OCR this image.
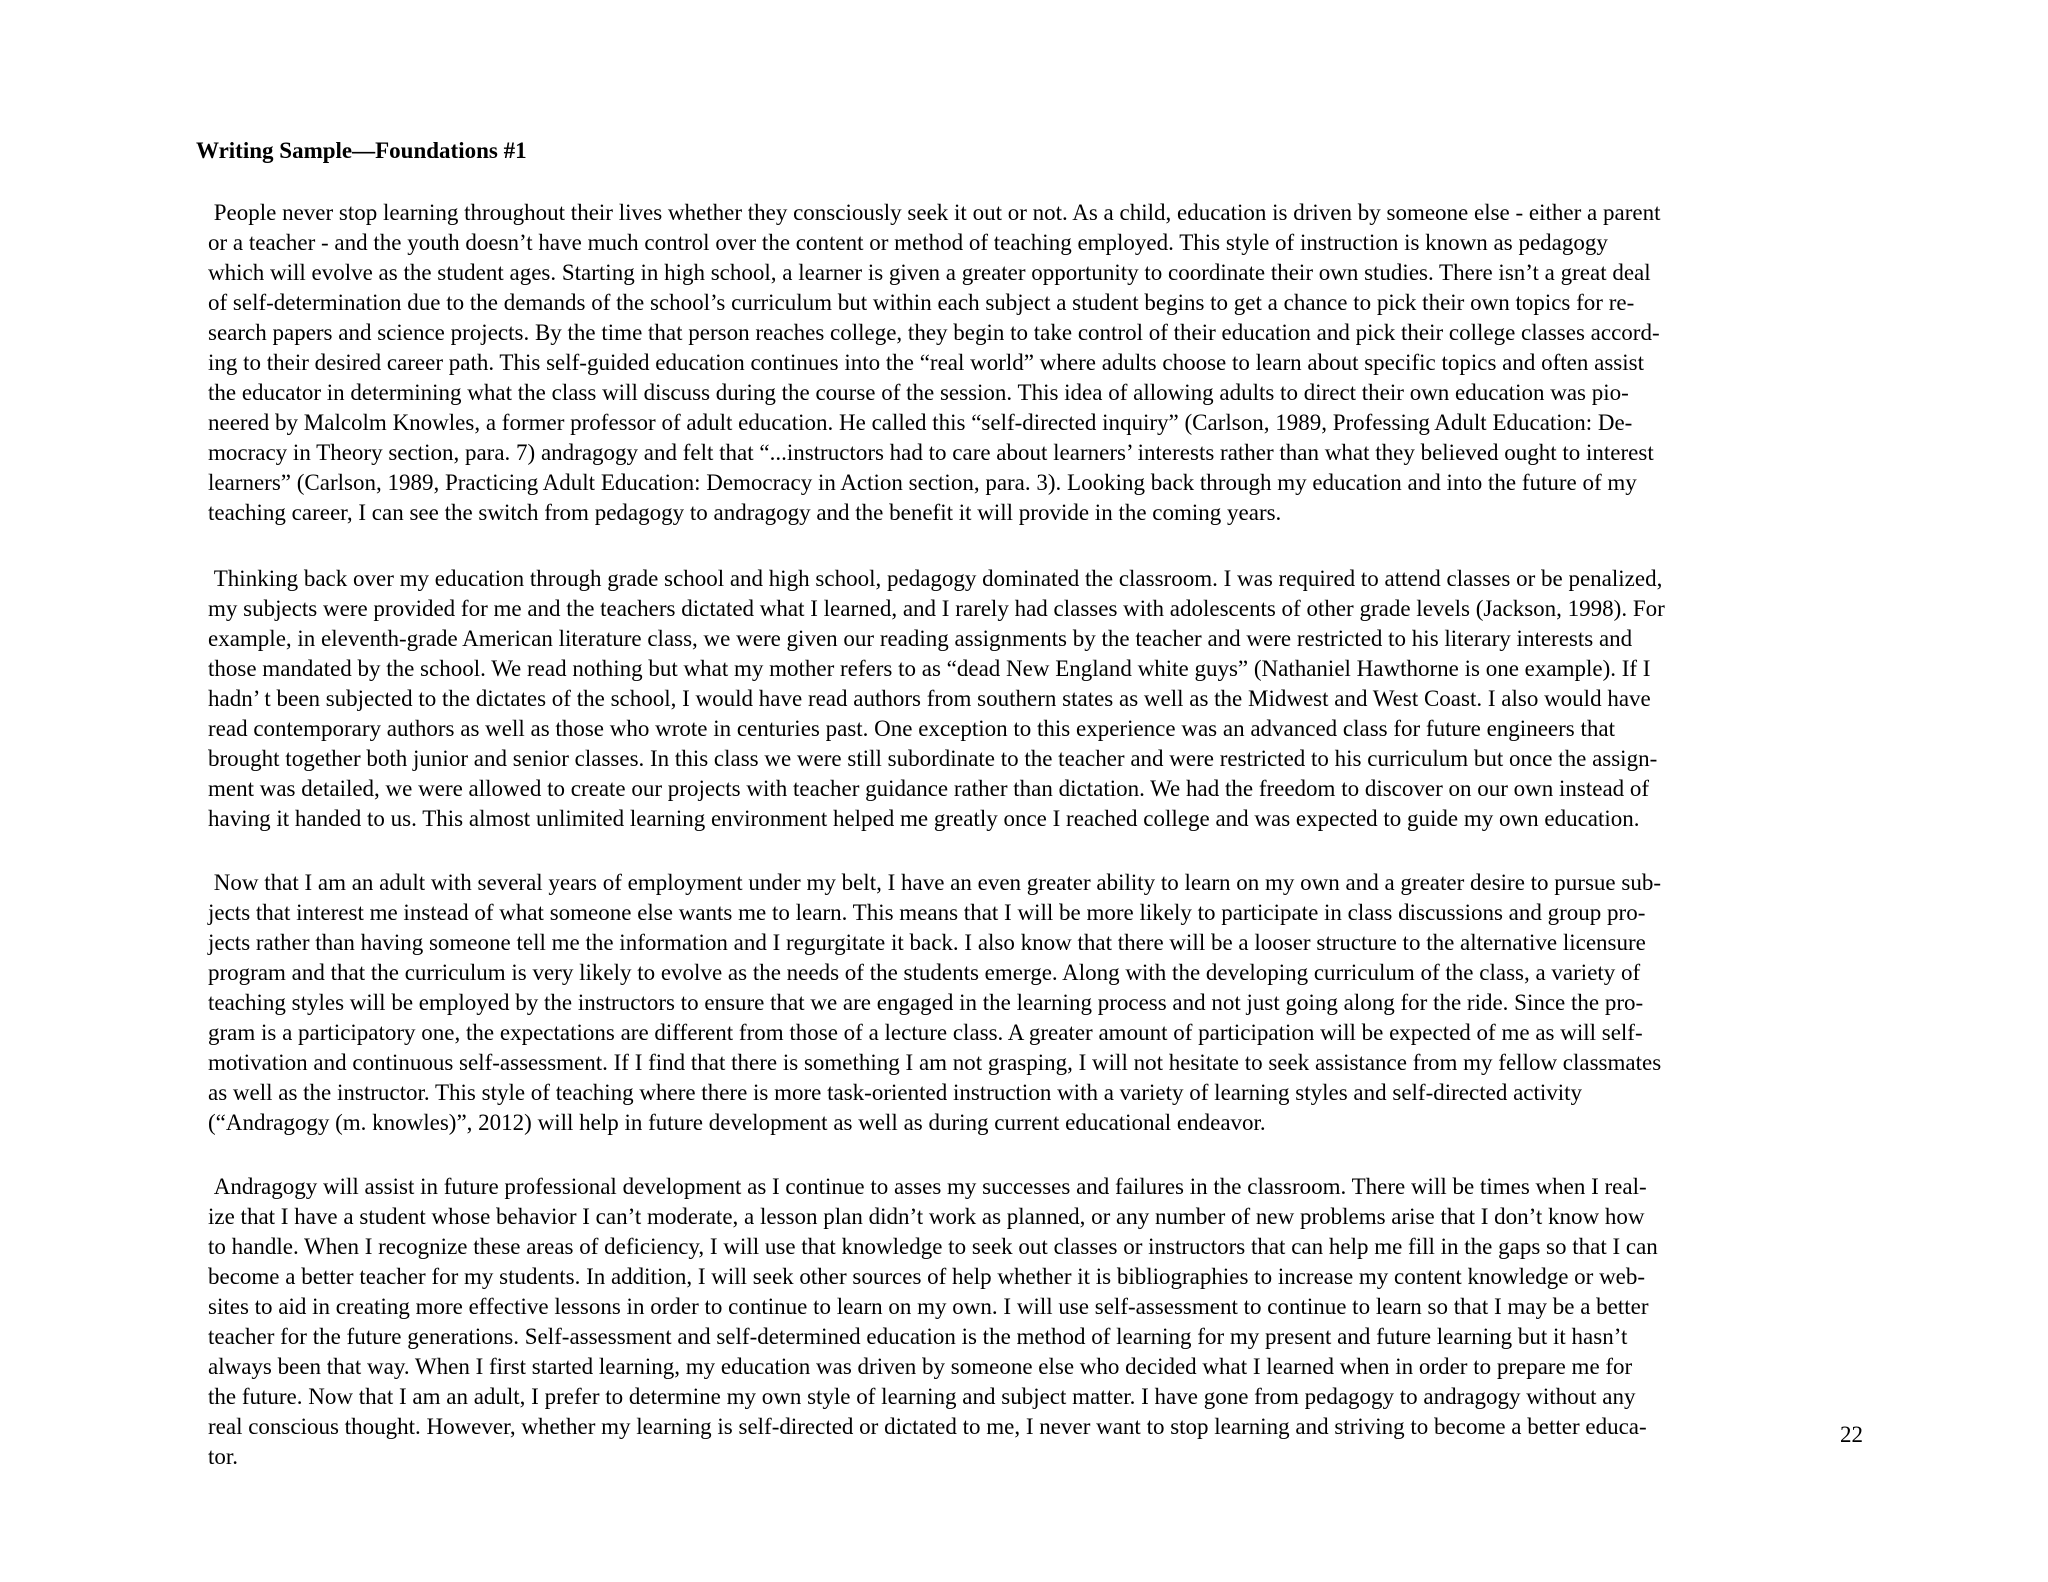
Writing Sample—Foundations #1
People never stop learning throughout their lives whether they consciously seek it out or not. As a child, education is driven by someone else - either a parent
or a teacher - and the youth doesn’t have much control over the content or method of teaching employed. This style of instruction is known as pedagogy
which will evolve as the student ages. Starting in high school, a learner is given a greater opportunity to coordinate their own studies. There isn’t a great deal
of self-determination due to the demands of the school’s curriculum but within each subject a student begins to get a chance to pick their own topics for re-
search papers and science projects. By the time that person reaches college, they begin to take control of their education and pick their college classes accord-
ing to their desired career path. This self-guided education continues into the “real world” where adults choose to learn about specific topics and often assist
the educator in determining what the class will discuss during the course of the session. This idea of allowing adults to direct their own education was pio-
neered by Malcolm Knowles, a former professor of adult education. He called this “self-directed inquiry” (Carlson, 1989, Professing Adult Education: De-
mocracy in Theory section, para. 7) andragogy and felt that “...instructors had to care about learners’ interests rather than what they believed ought to interest
learners” (Carlson, 1989, Practicing Adult Education: Democracy in Action section, para. 3). Looking back through my education and into the future of my
teaching career, I can see the switch from pedagogy to andragogy and the benefit it will provide in the coming years.
Thinking back over my education through grade school and high school, pedagogy dominated the classroom. I was required to attend classes or be penalized,
my subjects were provided for me and the teachers dictated what I learned, and I rarely had classes with adolescents of other grade levels (Jackson, 1998). For
example, in eleventh-grade American literature class, we were given our reading assignments by the teacher and were restricted to his literary interests and
those mandated by the school. We read nothing but what my mother refers to as “dead New England white guys” (Nathaniel Hawthorne is one example). If I
hadn’ t been subjected to the dictates of the school, I would have read authors from southern states as well as the Midwest and West Coast. I also would have
read contemporary authors as well as those who wrote in centuries past. One exception to this experience was an advanced class for future engineers that
brought together both junior and senior classes. In this class we were still subordinate to the teacher and were restricted to his curriculum but once the assign-
ment was detailed, we were allowed to create our projects with teacher guidance rather than dictation. We had the freedom to discover on our own instead of
having it handed to us. This almost unlimited learning environment helped me greatly once I reached college and was expected to guide my own education.
Now that I am an adult with several years of employment under my belt, I have an even greater ability to learn on my own and a greater desire to pursue sub-
jects that interest me instead of what someone else wants me to learn. This means that I will be more likely to participate in class discussions and group pro-
jects rather than having someone tell me the information and I regurgitate it back. I also know that there will be a looser structure to the alternative licensure
program and that the curriculum is very likely to evolve as the needs of the students emerge. Along with the developing curriculum of the class, a variety of
teaching styles will be employed by the instructors to ensure that we are engaged in the learning process and not just going along for the ride. Since the pro-
gram is a participatory one, the expectations are different from those of a lecture class. A greater amount of participation will be expected of me as will self-
motivation and continuous self-assessment. If I find that there is something I am not grasping, I will not hesitate to seek assistance from my fellow classmates
as well as the instructor. This style of teaching where there is more task-oriented instruction with a variety of learning styles and self-directed activity
(“Andragogy (m. knowles)”, 2012) will help in future development as well as during current educational endeavor.
Andragogy will assist in future professional development as I continue to asses my successes and failures in the classroom. There will be times when I real-
ize that I have a student whose behavior I can’t moderate, a lesson plan didn’t work as planned, or any number of new problems arise that I don’t know how
to handle. When I recognize these areas of deficiency, I will use that knowledge to seek out classes or instructors that can help me fill in the gaps so that I can
become a better teacher for my students. In addition, I will seek other sources of help whether it is bibliographies to increase my content knowledge or web-
sites to aid in creating more effective lessons in order to continue to learn on my own. I will use self-assessment to continue to learn so that I may be a better
teacher for the future generations. Self-assessment and self-determined education is the method of learning for my present and future learning but it hasn’t
always been that way. When I first started learning, my education was driven by someone else who decided what I learned when in order to prepare me for
the future. Now that I am an adult, I prefer to determine my own style of learning and subject matter. I have gone from pedagogy to andragogy without any
real conscious thought. However, whether my learning is self-directed or dictated to me, I never want to stop learning and striving to become a better educa-
tor.
22
